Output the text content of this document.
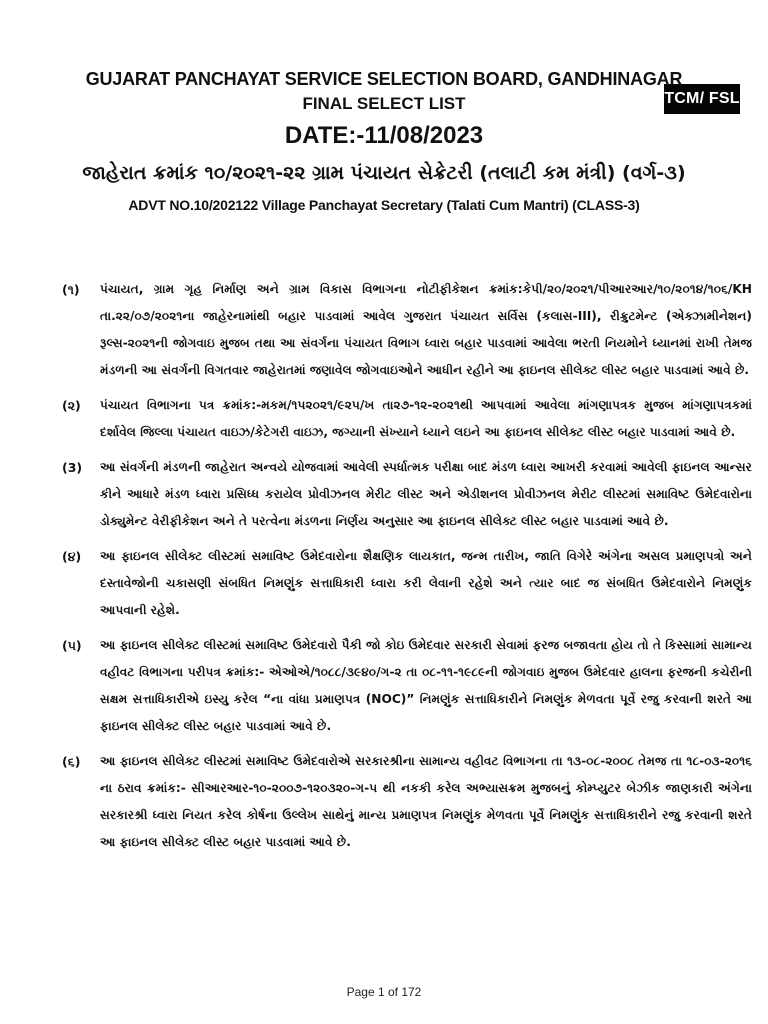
TCM/ FSL
GUJARAT PANCHAYAT SERVICE SELECTION BOARD, GANDHINAGAR
FINAL SELECT LIST
DATE:-11/08/2023
જાહેરાત ક્રમાંક ૧૦/૨૦૨૧-૨૨ ગ્રામ પંચાયત સેક્રેટરી (તલાટી કમ મંત્રી) (વર્ગ-૩)
ADVT NO.10/202122 Village Panchayat Secretary (Talati Cum Mantri) (CLASS-3)
(૧)	પંચાયત, ગ્રામ ગૃહ નિર્માણ અને ગ્રામ વિકાસ વિભાગના નોટીફીકેશન ક્રમાંક:કેપી/૨૦/૨૦૨૧/પીઆરઆર/૧૦/૨૦૧૪/૧૦૬/KH તા.૨૨/૦૭/૨૦૨૧ના જાહેરનામાંથી બહાર પાડવામાં આવેલ ગુજરાત પંચાયત સર્વિસ (કલાસ-III), રીક્રુટમેન્ટ (એક્ઝામીનેશન) રૂલ્સ-૨૦૨૧ની જોગવાઇ મુજબ તથા આ સંવર્ગના પંચાયત વિભાગ ધ્વારા બહાર પાડવામાં આવેલા ભરતી નિયમોને ધ્યાનમાં રાખી તેમજ મંડળની આ સંવર્ગની વિગતવાર જાહેરાતમાં જણાવેલ જોગવાઇઓને આધીન રહીને આ ફાઇનલ સીલેક્ટ લીસ્ટ બહાર પાડવામાં આવે છે.
(૨)	પંચાયત વિભાગના પત્ર ક્રમાંક:-મકમ/૧૫૨૦૨૧/૯૨૫/ખ તા૨૭-૧૨-૨૦૨૧થી આપવામાં આવેલા માંગણાપત્રક મુજબ માંગણાપત્રકમાં દર્શાવેલ જિલ્લા પંચાયત વાઇઝ/કેટેગરી વાઇઝ, જગ્યાની સંખ્યાને ધ્યાને લઇને આ ફાઇનલ સીલેક્ટ લીસ્ટ બહાર પાડવામાં આવે છે.
(3)	આ સંવર્ગની મંડળની જાહેરાત અન્વયે યોજવામાં આવેલી સ્પર્ધાત્મક પરીક્ષા બાદ મંડળ ધ્વારા આખરી કરવામાં આવેલી ફાઇનલ આન્સર કીને આધારે મંડળ ધ્વારા પ્રસિધ્ધ કરાયેલ પ્રોવીઝનલ મેરીટ લીસ્ટ અને એડીશનલ પ્રોવીઝનલ મેરીટ લીસ્ટમાં સમાવિષ્ટ ઉમેદવારોના ડોક્યુમેન્ટ વેરીફીકેશન અને તે પરત્વેના મંડળના નિર્ણય અનુસાર આ ફાઇનલ સીલેક્ટ લીસ્ટ બહાર પાડવામાં આવે છે.
(૪)	આ ફાઇનલ સીલેક્ટ લીસ્ટમાં સમાવિષ્ટ ઉમેદવારોના શૈક્ષણિક લાયકાત, જન્મ તારીખ, જાતિ વિગેરે અંગેના અસલ પ્રમાણપત્રો અને દસ્તાવેજોની ચકાસણી સંબધિત નિમણુંક સત્તાધિકારી ધ્વારા કરી લેવાની રહેશે અને ત્યાર બાદ જ સંબધિત ઉમેદવારોને નિમણુંક આપવાની રહેશે.
(૫)	આ ફાઇનલ સીલેક્ટ લીસ્ટમાં સમાવિષ્ટ ઉમેદવારો પૈકી જો કોઇ ઉમેદવાર સરકારી સેવામાં ફરજ બજાવતા હોય તો તે કિસ્સામાં સામાન્ય વહીવટ વિભાગના પરીપત્ર ક્રમાંક:- એઓએ/૧૦૮૮/૩૯૪૦/ગ-૨ તા ૦૮-૧૧-૧૯૮૯ની જોગવાઇ મુજબ ઉમેદવાર હાલના ફરજની કચેરીની સક્ષમ સત્તાધિકારીએ ઇસ્યુ કરેલ “ના વાંધા પ્રમાણપત્ર (NOC)” નિમણુંક સત્તાધિકારીને નિમણુંક મેળવતા પૂર્વે રજુ કરવાની શરતે આ ફાઇનલ સીલેક્ટ લીસ્ટ બહાર પાડવામાં આવે છે.
(૬)	આ ફાઇનલ સીલેક્ટ લીસ્ટમાં સમાવિષ્ટ ઉમેદવારોએ સરકારશ્રીના સામાન્ય વહીવટ વિભાગના તા ૧૩-૦૮-૨૦૦૮ તેમજ તા ૧૮-૦૩-૨૦૧૬ ના ઠરાવ ક્રમાંક:- સીઆરઆર-૧૦-૨૦૦૭-૧૨૦૩૨૦-ગ-૫ થી નકકી કરેલ અભ્યાસક્રમ મુજબનું કોમ્પ્યુટર બેઝીક જાણકારી અંગેના સરકારશ્રી ધ્વારા નિયત કરેલ કોર્ષના ઉલ્લેખ સાથેનું માન્ય પ્રમાણપત્ર નિમણુંક મેળવતા પૂર્વે નિમણુંક સત્તાધિકારીને રજુ કરવાની શરતે આ ફાઇનલ સીલેક્ટ લીસ્ટ બહાર પાડવામાં આવે છે.
Page 1 of 172
